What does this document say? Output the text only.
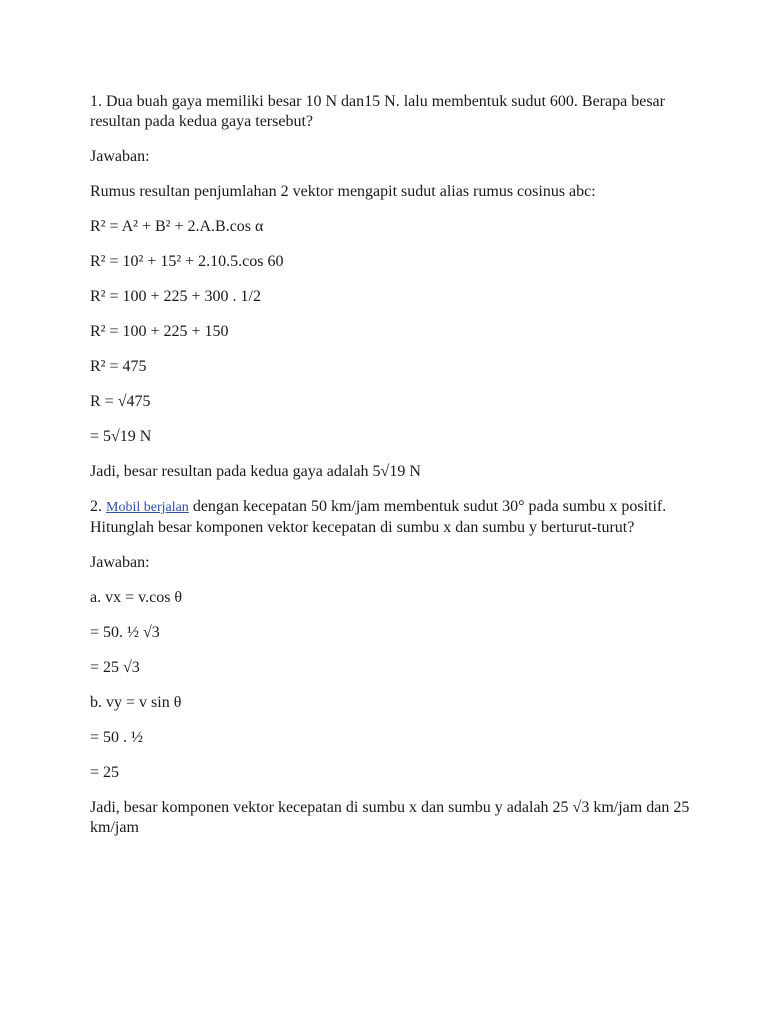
1. Dua buah gaya memiliki besar 10 N dan15 N. lalu membentuk sudut 600. Berapa besar resultan pada kedua gaya tersebut?

Jawaban:

Rumus resultan penjumlahan 2 vektor mengapit sudut alias rumus cosinus abc:

R² = A² + B² + 2.A.B.cos α

R² = 10² + 15² + 2.10.5.cos 60

R² = 100 + 225 + 300 . 1/2

R² = 100 + 225 + 150

R² = 475

R = √475

= 5√19 N

Jadi, besar resultan pada kedua gaya adalah 5√19 N

2. Mobil berjalan dengan kecepatan 50 km/jam membentuk sudut 30° pada sumbu x positif. Hitunglah besar komponen vektor kecepatan di sumbu x dan sumbu y berturut-turut?

Jawaban:

a. vx = v.cos θ

= 50. ½ √3

= 25 √3

b. vy = v sin θ

= 50 . ½

= 25

Jadi, besar komponen vektor kecepatan di sumbu x dan sumbu y adalah 25 √3 km/jam dan 25 km/jam
